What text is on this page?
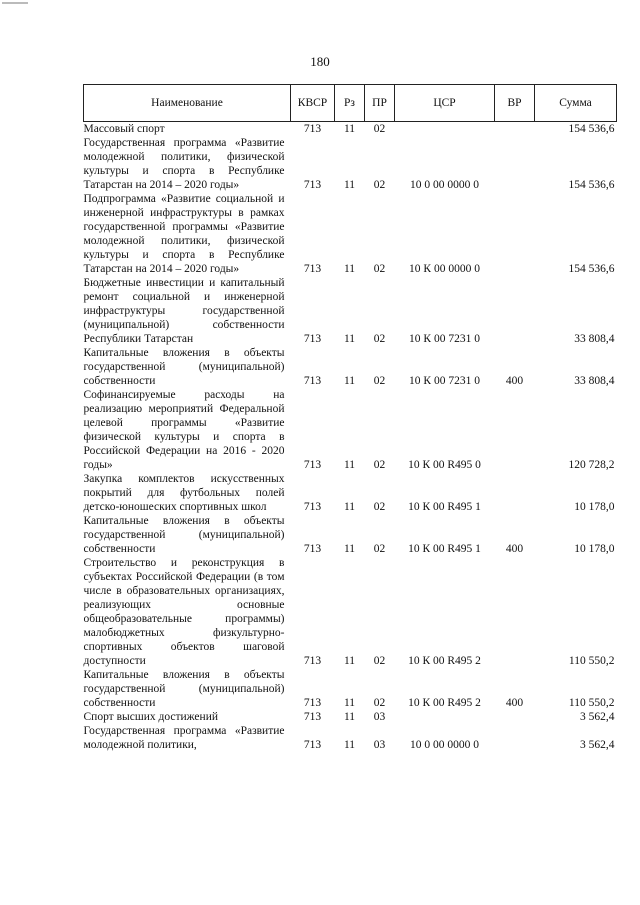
180
Наименование	КВСР	Рз	ПР	ЦСР	ВР	Сумма
Массовый спорт	713	11	02			154 536,6
Государственная программа «Развитие молодежной политики, физической культуры и спорта в Республике Татарстан на 2014 – 2020 годы»	713	11	02	10 0 00 0000 0		154 536,6
Подпрограмма «Развитие социальной и инженерной инфраструктуры в рамках государственной программы «Развитие молодежной политики, физической культуры и спорта в Республике Татарстан на 2014 – 2020 годы»	713	11	02	10 К 00 0000 0		154 536,6
Бюджетные инвестиции и капитальный ремонт социальной и инженерной инфраструктуры государственной (муниципальной) собственности Республики Татарстан	713	11	02	10 К 00 7231 0		33 808,4
Капитальные вложения в объекты государственной (муниципальной) собственности	713	11	02	10 К 00 7231 0	400	33 808,4
Софинансируемые расходы на реализацию мероприятий Федеральной целевой программы «Развитие физической культуры и спорта в Российской Федерации на 2016 - 2020 годы»	713	11	02	10 К 00 R495 0		120 728,2
Закупка комплектов искусственных покрытий для футбольных полей детско-юношеских спортивных школ	713	11	02	10 К 00 R495 1		10 178,0
Капитальные вложения в объекты государственной (муниципальной) собственности	713	11	02	10 К 00 R495 1	400	10 178,0
Строительство и реконструкция в субъектах Российской Федерации (в том числе в образовательных организациях, реализующих основные общеобразовательные программы) малобюджетных физкультурно-спортивных объектов шаговой доступности	713	11	02	10 К 00 R495 2		110 550,2
Капитальные вложения в объекты государственной (муниципальной) собственности	713	11	02	10 К 00 R495 2	400	110 550,2
Спорт высших достижений	713	11	03			3 562,4
Государственная программа «Развитие молодежной политики,	713	11	03	10 0 00 0000 0		3 562,4
